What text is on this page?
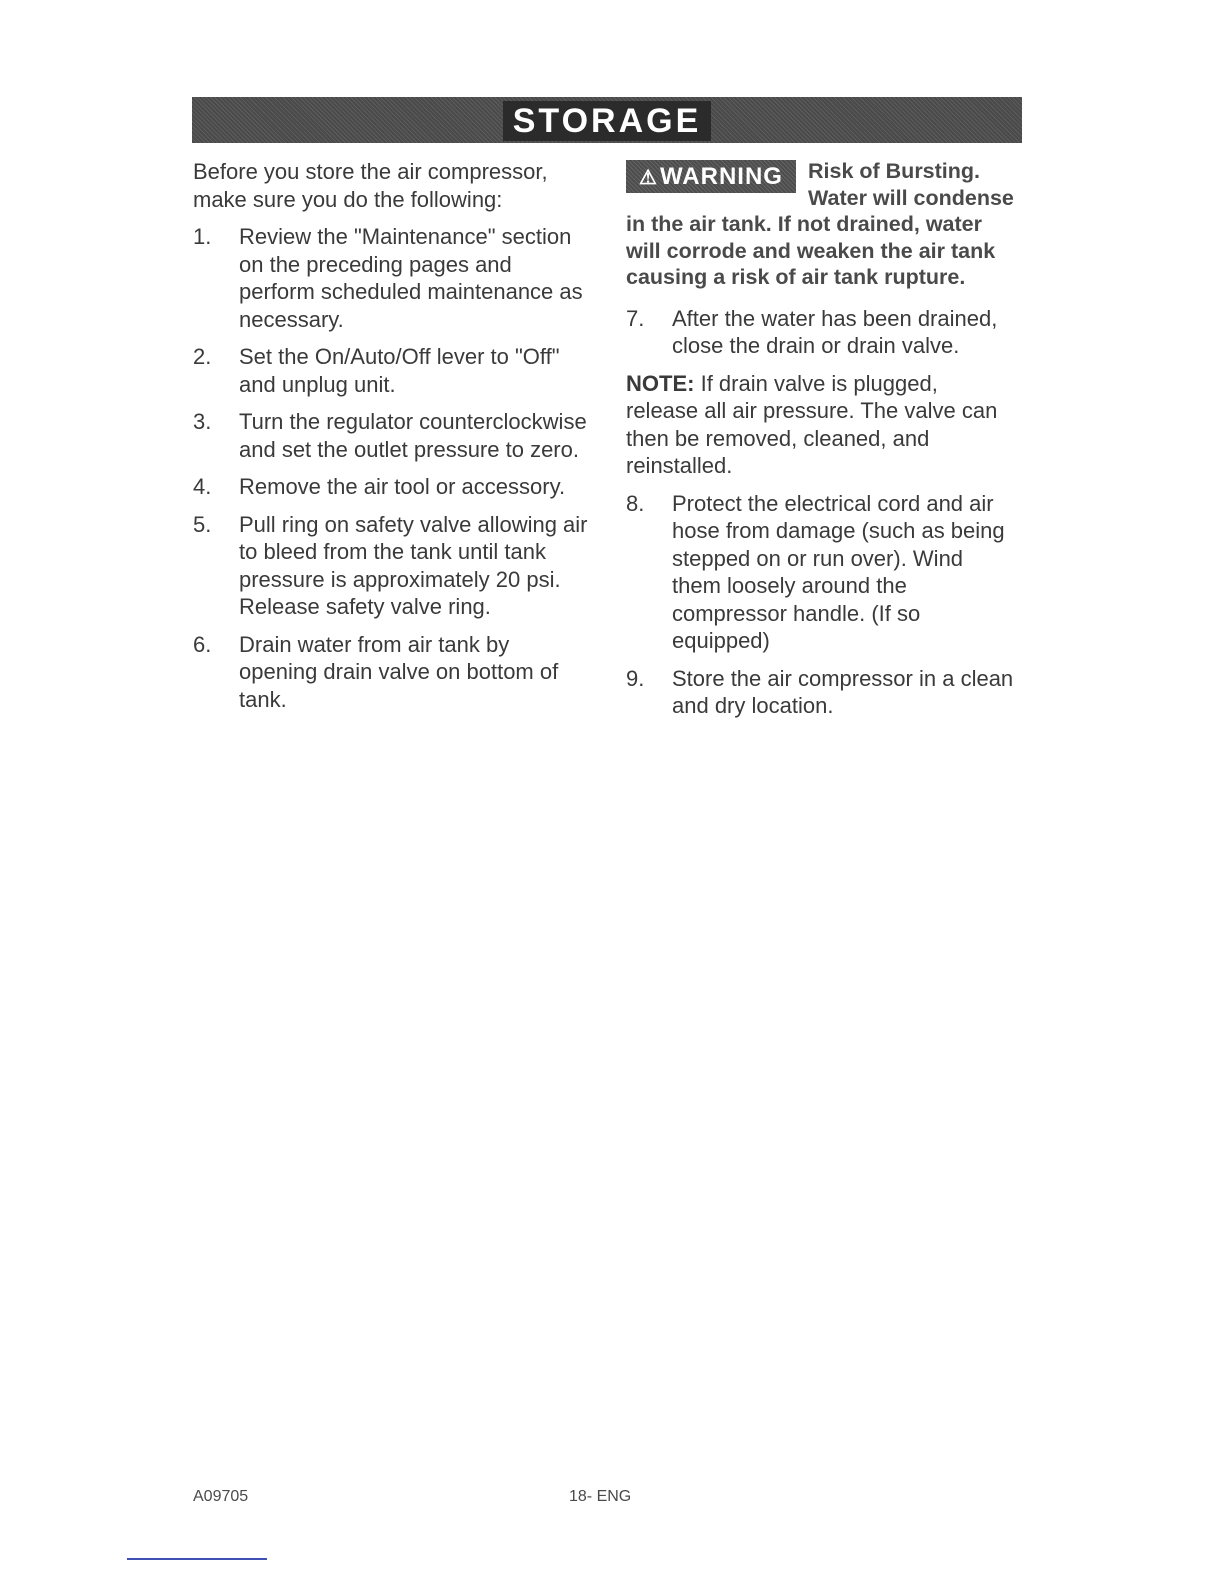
STORAGE

Before you store the air compressor, make sure you do the following:

1. Review the "Maintenance" section on the preceding pages and perform scheduled maintenance as necessary.
2. Set the On/Auto/Off lever to "Off" and unplug unit.
3. Turn the regulator counterclockwise and set the outlet pressure to zero.
4. Remove the air tool or accessory.
5. Pull ring on safety valve allowing air to bleed from the tank until tank pressure is approximately 20 psi. Release safety valve ring.
6. Drain water from air tank by opening drain valve on bottom of tank.
⚠WARNING	Risk of Bursting. Water will condense in the air tank. If not drained, water will corrode and weaken the air tank causing a risk of air tank rupture.
7. After the water has been drained, close the drain or drain valve.

NOTE: If drain valve is plugged, release all air pressure. The valve can then be removed, cleaned, and reinstalled.

8. Protect the electrical cord and air hose from damage (such as being stepped on or run over). Wind them loosely around the compressor handle. (If so equipped)
9. Store the air compressor in a clean and dry location.
A09705	18- ENG
